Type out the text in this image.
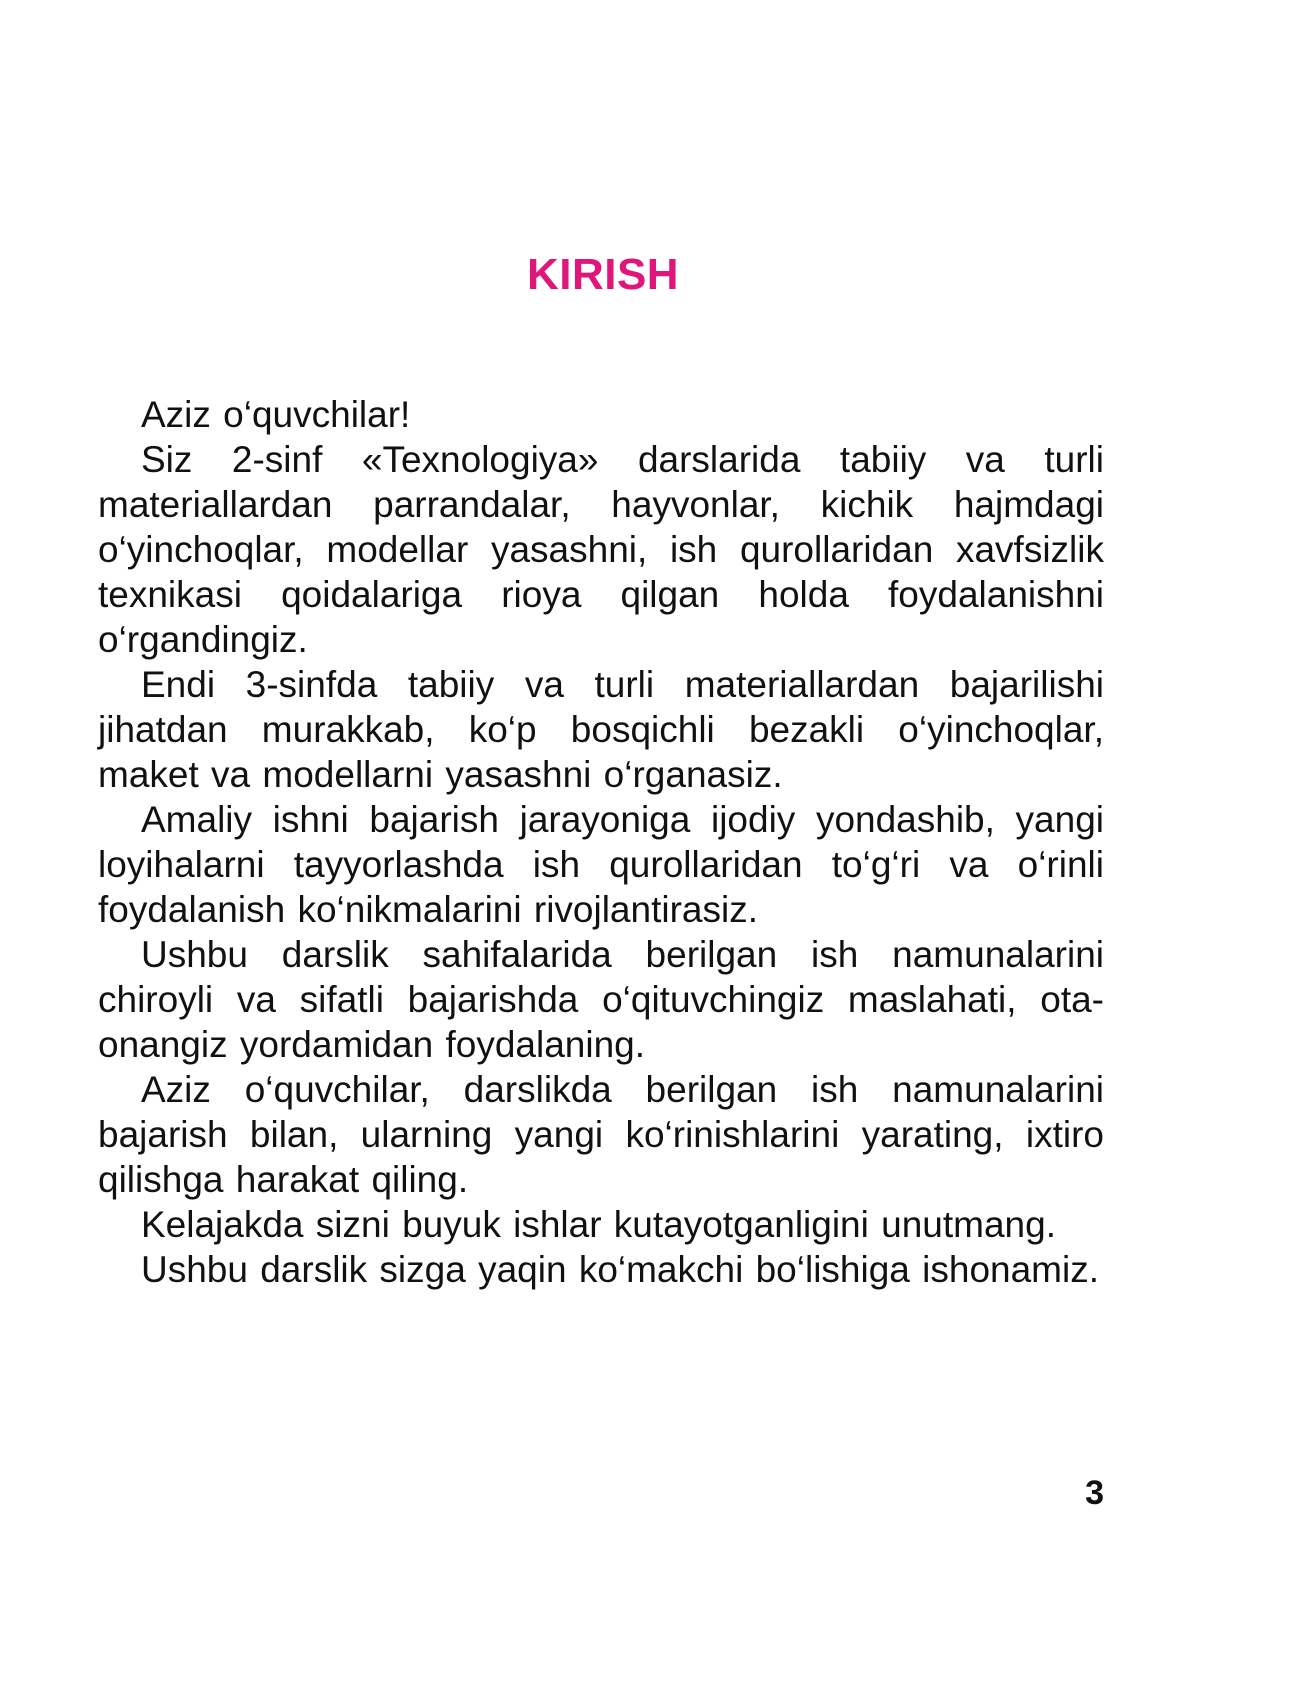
KIRISH

Aziz o‘quvchilar!

Siz 2-sinf «Texnologiya» darslarida tabiiy va turli materiallardan parrandalar, hayvonlar, kichik hajmdagi o‘yinchoqlar, modellar yasashni, ish qurollaridan xavfsizlik texnikasi qoidalariga rioya qilgan holda foydalanishni o‘rgandingiz.

Endi 3-sinfda tabiiy va turli materiallardan bajarilishi jihatdan murakkab, ko‘p bosqichli bezakli o‘yinchoqlar, maket va modellarni yasashni o‘rganasiz.

Amaliy ishni bajarish jarayoniga ijodiy yondashib, yangi loyihalarni tayyorlashda ish qurollaridan to‘g‘ri va o‘rinli foydalanish ko‘nikmalarini rivojlantirasiz.

Ushbu darslik sahifalarida berilgan ish namunalarini chiroyli va sifatli bajarishda o‘qituvchingiz maslahati, ota-onangiz yordamidan foydalaning.

Aziz o‘quvchilar, darslikda berilgan ish namunalarini bajarish bilan, ularning yangi ko‘rinishlarini yarating, ixtiro qilishga harakat qiling.

Kelajakda sizni buyuk ishlar kutayotganligini unutmang.

Ushbu darslik sizga yaqin ko‘makchi bo‘lishiga ishonamiz.

3
